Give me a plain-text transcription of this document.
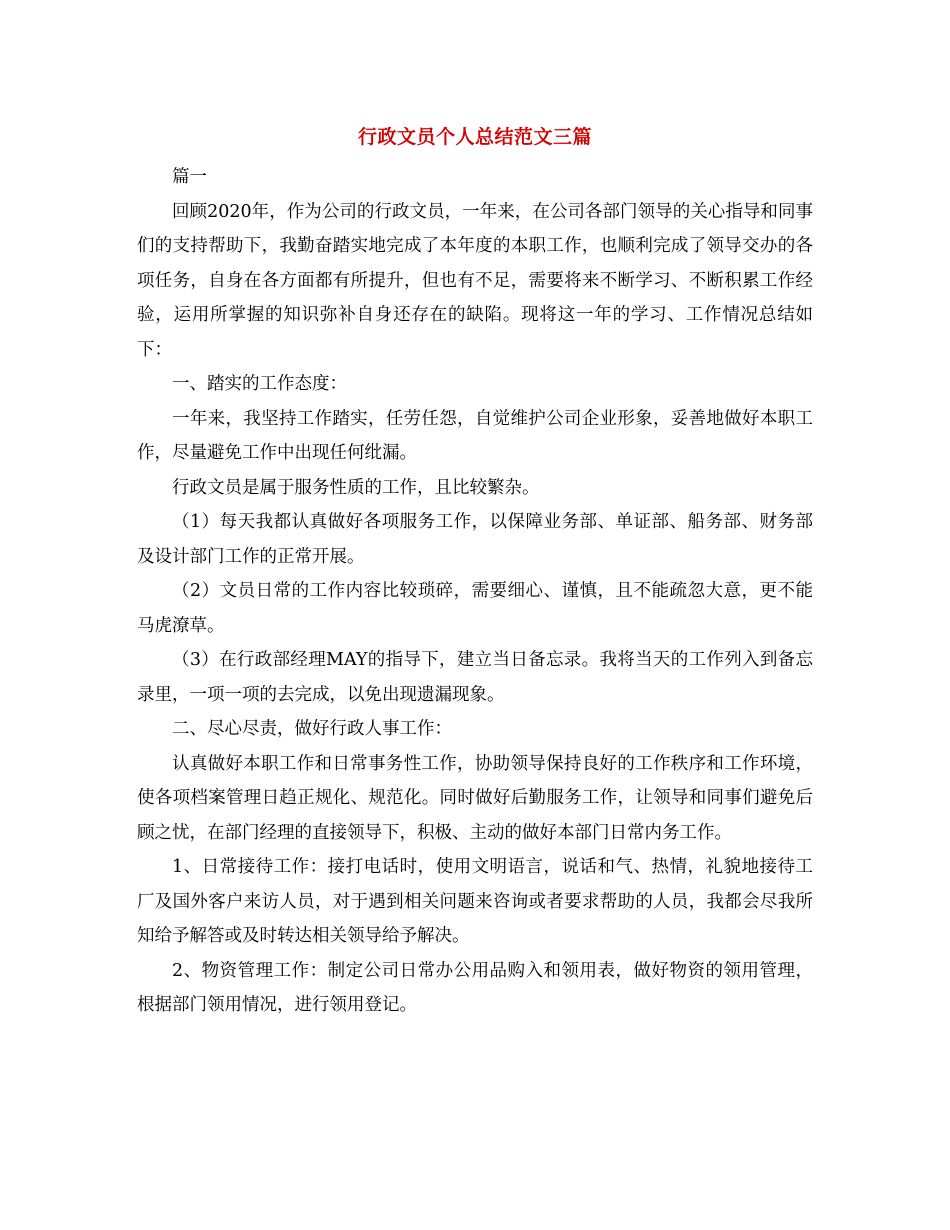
行政文员个人总结范文三篇

篇一

回顾2020年，作为公司的行政文员，一年来，在公司各部门领导的关心指导和同事们的支持帮助下，我勤奋踏实地完成了本年度的本职工作，也顺利完成了领导交办的各项任务，自身在各方面都有所提升，但也有不足，需要将来不断学习、不断积累工作经验，运用所掌握的知识弥补自身还存在的缺陷。现将这一年的学习、工作情况总结如下：

一、踏实的工作态度：

一年来，我坚持工作踏实，任劳任怨，自觉维护公司企业形象，妥善地做好本职工作，尽量避免工作中出现任何纰漏。

行政文员是属于服务性质的工作，且比较繁杂。

（1）每天我都认真做好各项服务工作，以保障业务部、单证部、船务部、财务部及设计部门工作的正常开展。

（2）文员日常的工作内容比较琐碎，需要细心、谨慎，且不能疏忽大意，更不能马虎潦草。

（3）在行政部经理MAY的指导下，建立当日备忘录。我将当天的工作列入到备忘录里，一项一项的去完成，以免出现遗漏现象。

二、尽心尽责，做好行政人事工作：

认真做好本职工作和日常事务性工作，协助领导保持良好的工作秩序和工作环境，使各项档案管理日趋正规化、规范化。同时做好后勤服务工作，让领导和同事们避免后顾之忧，在部门经理的直接领导下，积极、主动的做好本部门日常内务工作。

1、日常接待工作：接打电话时，使用文明语言，说话和气、热情，礼貌地接待工厂及国外客户来访人员，对于遇到相关问题来咨询或者要求帮助的人员，我都会尽我所知给予解答或及时转达相关领导给予解决。

2、物资管理工作：制定公司日常办公用品购入和领用表，做好物资的领用管理，根据部门领用情况，进行领用登记。
